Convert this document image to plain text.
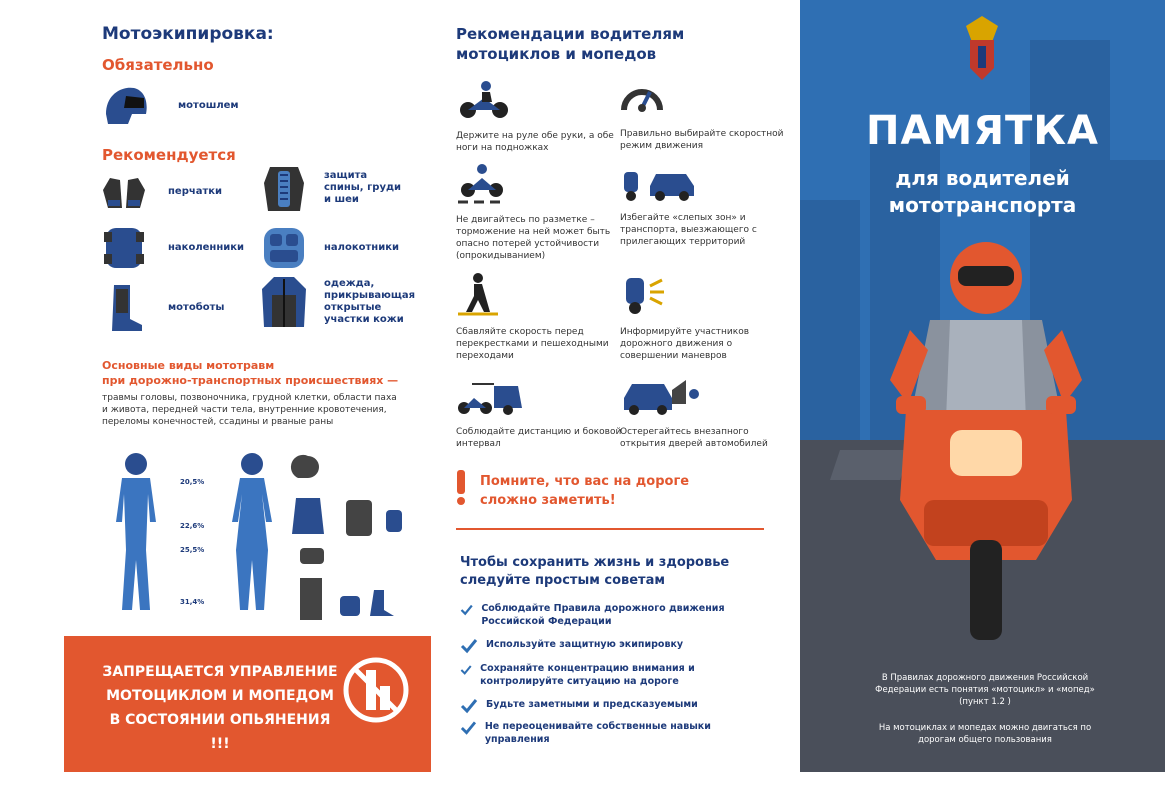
Мотоэкипировка:
Обязательно
мотошлем
Рекомендуется
перчатки
защита спины, груди и шеи
наколенники	налокотники
мотоботы
одежда, прикрывающая открытые участки кожи
Основные виды мототравм
при дорожно-транспортных происшествиях —
травмы головы, позвоночника, грудной клетки, области паха и живота, передней части тела, внутренние кровотечения, переломы конечностей, ссадины и рваные раны
20,5%
22,6%
25,5%
31,4%
ЗАПРЕЩАЕТСЯ УПРАВЛЕНИЕ МОТОЦИКЛОМ И МОПЕДОМ В СОСТОЯНИИ ОПЬЯНЕНИЯ !!!
Рекомендации водителям
мотоциклов и мопедов
Держите на руле обе руки, а обе ноги на подножках
Правильно выбирайте скоростной режим движения
Не двигайтесь по разметке – торможение на ней может быть опасно потерей устойчивости (опрокидыванием)
Избегайте «слепых зон» и транспорта, выезжающего с прилегающих территорий
Сбавляйте скорость перед перекрестками и пешеходными переходами
Информируйте участников дорожного движения о совершении маневров
Соблюдайте дистанцию и боковой интервал
Остерегайтесь внезапного открытия дверей автомобилей
Помните, что вас на дороге
сложно заметить!
Чтобы сохранить жизнь и здоровье
следуйте простым советам
Соблюдайте Правила дорожного движения Российской Федерации
Используйте защитную экипировку
Сохраняйте концентрацию внимания и контролируйте ситуацию на дороге
Будьте заметными и предсказуемыми
Не переоценивайте собственные навыки управления
ПАМЯТКА
для водителей
мототранспорта
В Правилах дорожного движения Российской Федерации есть понятия «мотоцикл» и «мопед» (пункт 1.2 )
На мотоциклах и мопедах можно двигаться по дорогам общего пользования
